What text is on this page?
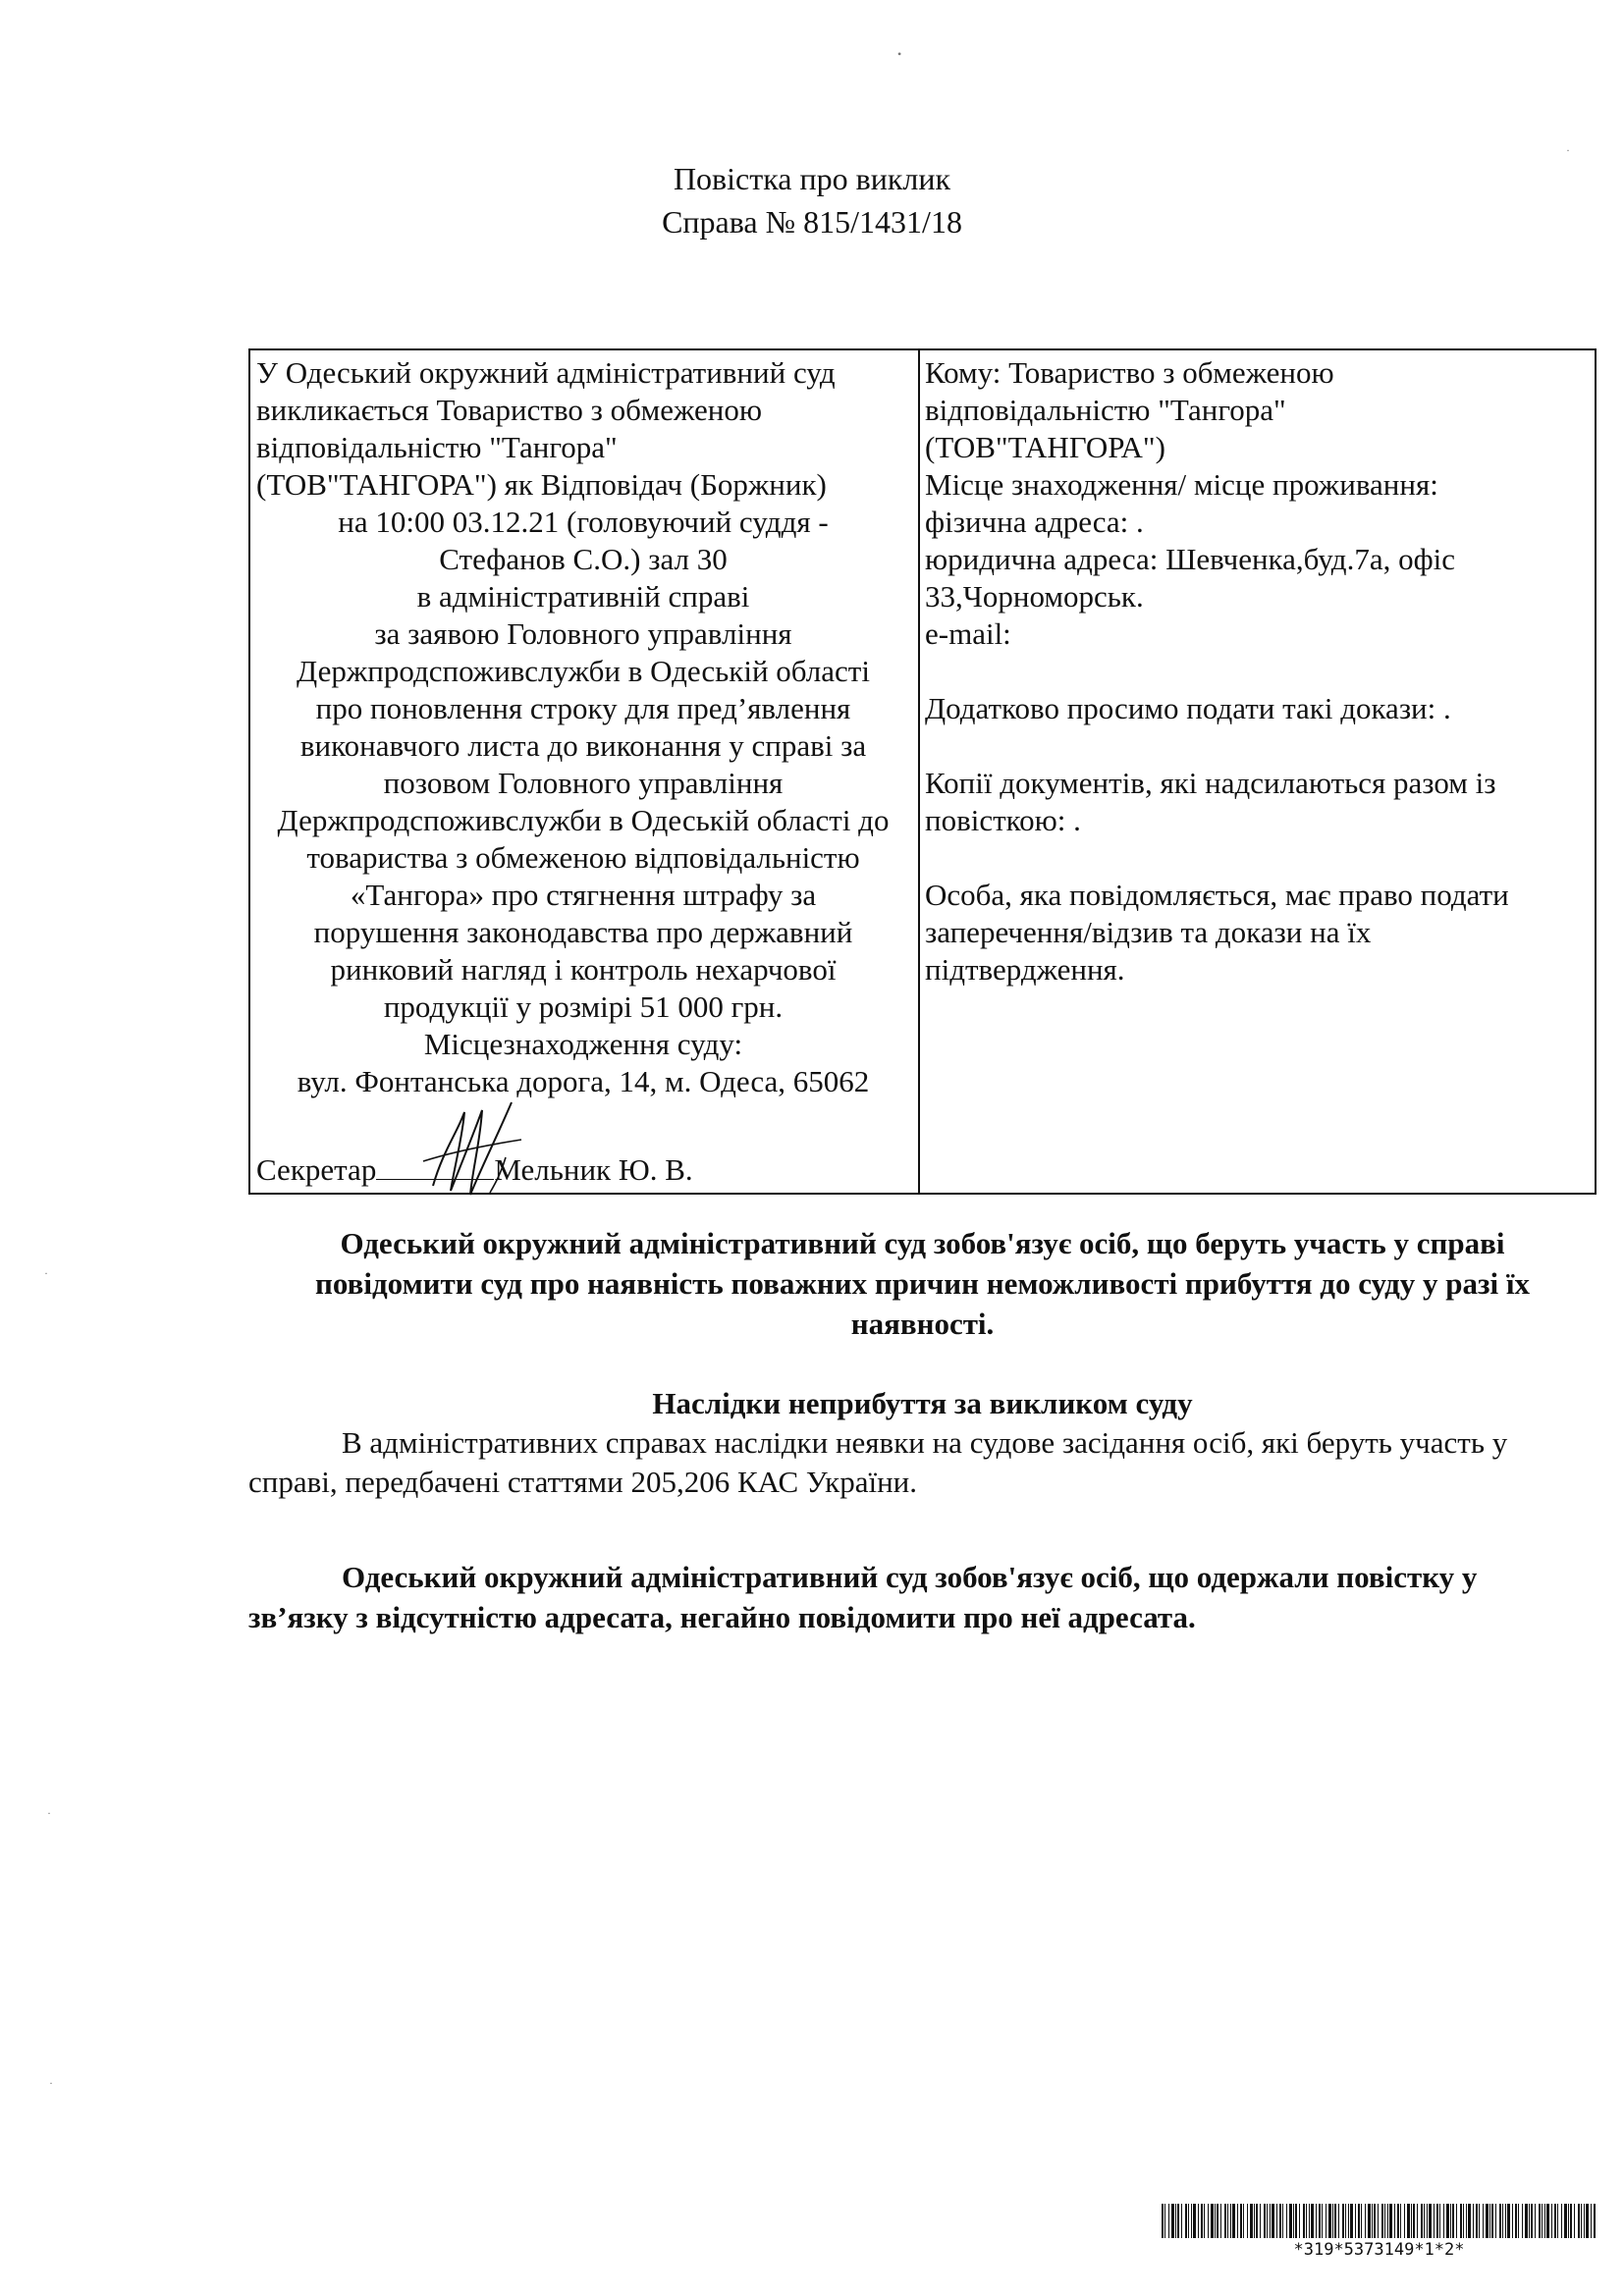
Повістка про виклик
Справа № 815/1431/18

У Одеський окружний адміністративний суд
викликається Товариство з обмеженою
відповідальністю "Тангора"
(ТОВ"ТАНГОРА") як Відповідач (Боржник)

на 10:00 03.12.21 (головуючий суддя -
Стефанов С.О.) зал 30
в адміністративній справі
за заявою Головного управління
Держпродспоживслужби в Одеській області
про поновлення строку для пред’явлення
виконавчого листа до виконання у справі за
позовом Головного управління
Держпродспоживслужби в Одеській області до
товариства з обмеженою відповідальністю
«Тангора» про стягнення штрафу за
порушення законодавства про державний
ринковий нагляд і контроль нехарчової
продукції у розмірі 51 000 грн.
Місцезнаходження суду:
вул. Фонтанська дорога, 14, м. Одеса, 65062

Секретар	Мельник Ю. В.
Кому: Товариство з обмеженою
відповідальністю "Тангора"
(ТОВ"ТАНГОРА")
Місце знаходження/ місце проживання:
фізична адреса: .
юридична адреса: Шевченка,буд.7а, офіс
33,Чорноморськ.
e-mail:
Додатково просимо подати такі докази: .
Копії документів, які надсилаються разом із
повісткою: .
Особа, яка повідомляється, має право подати
заперечення/відзив та докази на їх
підтвердження.
Одеський окружний адміністративний суд зобов'язує осіб, що беруть участь у справі
повідомити суд про наявність поважних причин неможливості прибуття до суду у разі їх
наявності.
Наслідки неприбуття за викликом суду
В адміністративних справах наслідки неявки на судове засідання осіб, які беруть участь у
справі, передбачені статтями 205,206 КАС України.
Одеський окружний адміністративний суд зобов'язує осіб, що одержали повістку у
зв’язку з відсутністю адресата, негайно повідомити про неї адресата.
*319*5373149*1*2*
•
·
·
·
·
